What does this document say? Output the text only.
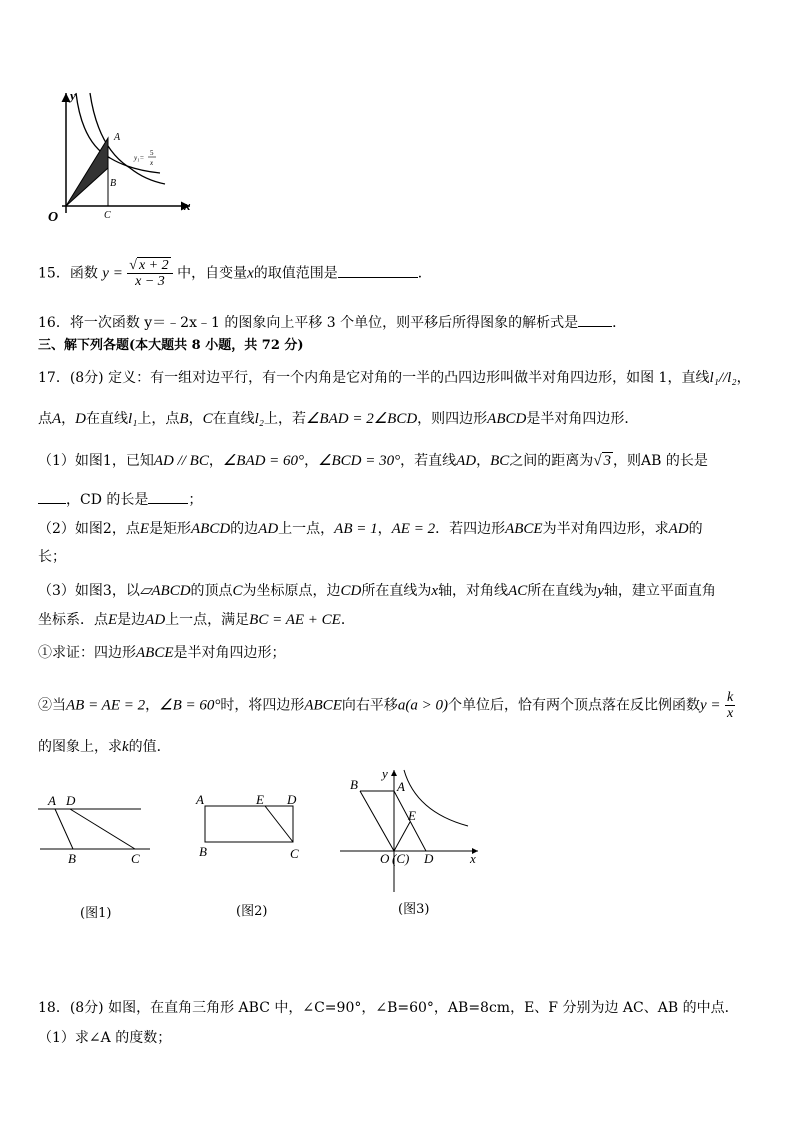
y
x
O
A
B
C
y₁=
5
x
15．函数 $y = \frac{√ x + 2}{x - 3}$ 中，自变量x的取值范围是	．
16．将一次函数 y＝﹣2x﹣1 的图象向上平移 3 个单位，则平移后所得图象的解析式是 ．
三、解下列各题(本大题共 8 小题，共 72 分)
17．(8分) 定义：有一组对边平行，有一个内角是它对角的一半的凸四边形叫做半对角四边形，如图 1，直线l₁//l₂，
点A，D在直线l₁上，点B，C在直线l₂上，若∠BAD = 2∠BCD，则四边形ABCD是半对角四边形．
（1）如图1，已知AD // BC，∠BAD = 60°，∠BCD = 30°，若直线AD，BC之间的距离为√ 3 ，则AB 的长是
，CD 的长是	；
（2）如图2，点E是矩形ABCD的边AD上一点，AB = 1，AE = 2．若四边形ABCE为半对角四边形，求AD的
长；
（3）如图3，以▱ABCD的顶点C为坐标原点，边CD所在直线为x轴，对角线AC所在直线为y轴，建立平面直角
坐标系．点E是边AD上一点，满足BC = AE + CE．
①求证：四边形ABCE是半对角四边形；
②当AB = AE = 2，∠B = 60°时，将四边形ABCE向右平移a(a > 0)个单位后，恰有两个顶点落在反比例函数$y = \frac{k}{x}$
的图象上，求k的值．
A D
B	C
(图1)
A	E D
B	C
(图2)
y
B	A
E
O (C) D	x
(图3)
18．(8分) 如图，在直角三角形 ABC 中，∠C=90°，∠B=60°，AB=8cm，E、F 分别为边 AC、AB 的中点．
（1）求∠A 的度数；
